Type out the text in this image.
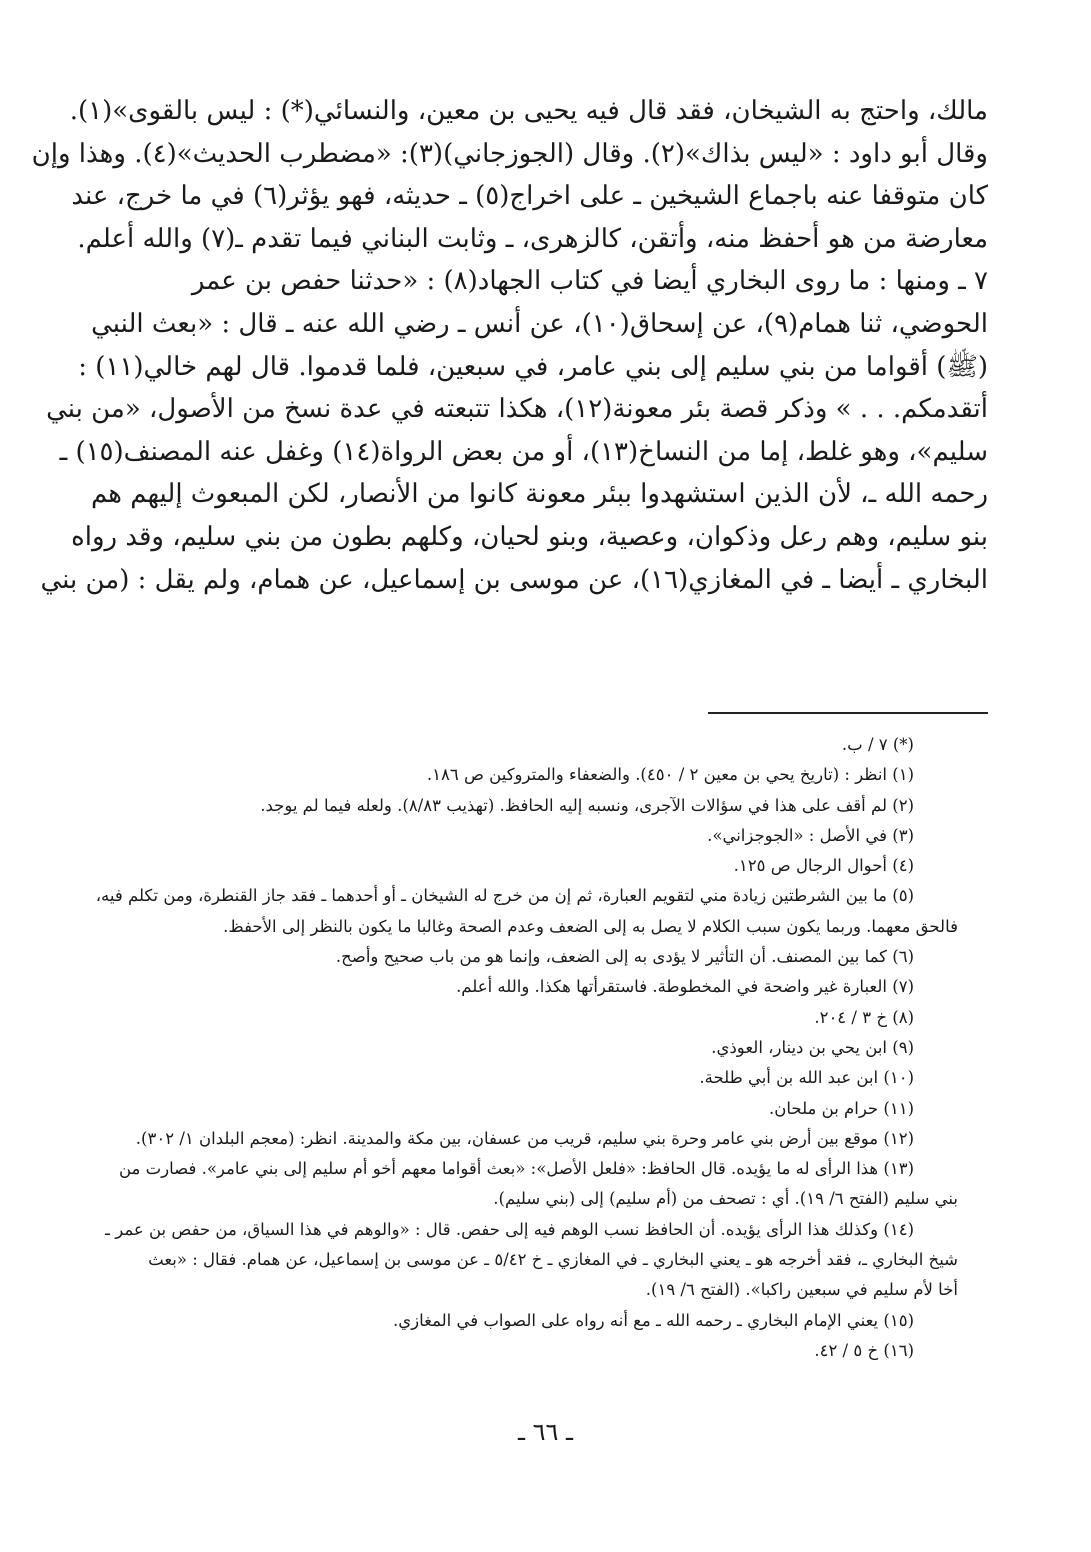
مالك، واحتج به الشيخان، فقد قال فيه يحيى بن معين، والنسائي(*) : ليس بالقوى»(١).
وقال أبو داود : «ليس بذاك»(٢). وقال (الجوزجاني)(٣): «مضطرب الحديث»(٤). وهذا وإن
كان متوقفا عنه باجماع الشيخين ـ على اخراج(٥) ـ حديثه، فهو يؤثر(٦) في ما خرج، عند
معارضة من هو أحفظ منه، وأتقن، كالزهرى، ـ وثابت البناني فيما تقدم ـ(٧) والله أعلم.
٧ ـ ومنها : ما روى البخاري أيضا في كتاب الجهاد(٨) : «حدثنا حفص بن عمر
الحوضي، ثنا همام(٩)، عن إسحاق(١٠)، عن أنس ـ رضي الله عنه ـ قال : «بعث النبي
(ﷺ) أقواما من بني سليم إلى بني عامر، في سبعين، فلما قدموا. قال لهم خالي(١١) :
أتقدمكم. . . » وذكر قصة بئر معونة(١٢)، هكذا تتبعته في عدة نسخ من الأصول، «من بني
سليم»، وهو غلط، إما من النساخ(١٣)، أو من بعض الرواة(١٤) وغفل عنه المصنف(١٥) ـ
رحمه الله ـ، لأن الذين استشهدوا ببئر معونة كانوا من الأنصار، لكن المبعوث إليهم هم
بنو سليم، وهم رعل وذكوان، وعصية، وبنو لحيان، وكلهم بطون من بني سليم، وقد رواه
البخاري ـ أيضا ـ في المغازي(١٦)، عن موسى بن إسماعيل، عن همام، ولم يقل : (من بني
(*) ٧ / ب.
(١) انظر : (تاريخ يحي بن معين ٢ / ٤٥٠). والضعفاء والمتروكين ص ١٨٦.
(٢) لم أقف على هذا في سؤالات الآجرى، ونسبه إليه الحافظ. (تهذيب ٨/٨٣). ولعله فيما لم يوجد.
(٣) في الأصل : «الجوجزاني».
(٤) أحوال الرجال ص ١٢٥.
(٥) ما بين الشرطتين زيادة مني لتقويم العبارة، ثم إن من خرج له الشيخان ـ أو أحدهما ـ فقد جاز القنطرة، ومن تكلم فيه،
فالحق معهما. وربما يكون سبب الكلام لا يصل به إلى الضعف وعدم الصحة وغالبا ما يكون بالنظر إلى الأحفظ.
(٦) كما بين المصنف. أن التأثير لا يؤدى به إلى الضعف، وإنما هو من باب صحيح وأصح.
(٧) العبارة غير واضحة في المخطوطة. فاستقرأتها هكذا. والله أعلم.
(٨) خ ٣ / ٢٠٤.
(٩) ابن يحي بن دينار، العوذي.
(١٠) ابن عبد الله بن أبي طلحة.
(١١) حرام بن ملحان.
(١٢) موقع بين أرض بني عامر وحرة بني سليم، قريب من عسفان، بين مكة والمدينة. انظر: (معجم البلدان ١/ ٣٠٢).
(١٣) هذا الرأى له ما يؤيده. قال الحافظ: «فلعل الأصل»: «بعث أقواما معهم أخو أم سليم إلى بني عامر». فصارت من
بني سليم (الفتح ٦/ ١٩). أي : تصحف من (أم سليم) إلى (بني سليم).
(١٤) وكذلك هذا الرأى يؤيده. أن الحافظ نسب الوهم فيه إلى حفص. قال : «والوهم في هذا السياق، من حفص بن عمر ـ
شيخ البخاري ـ، فقد أخرجه هو ـ يعني البخاري ـ في المغازي ـ خ ٥/٤٢ ـ عن موسى بن إسماعيل، عن همام. فقال : «بعث
أخا لأم سليم في سبعين راكبا». (الفتح ٦/ ١٩).
(١٥) يعني الإمام البخاري ـ رحمه الله ـ مع أنه رواه على الصواب في المغازي.
(١٦) خ ٥ / ٤٢.
ـ ٦٦ ـ
